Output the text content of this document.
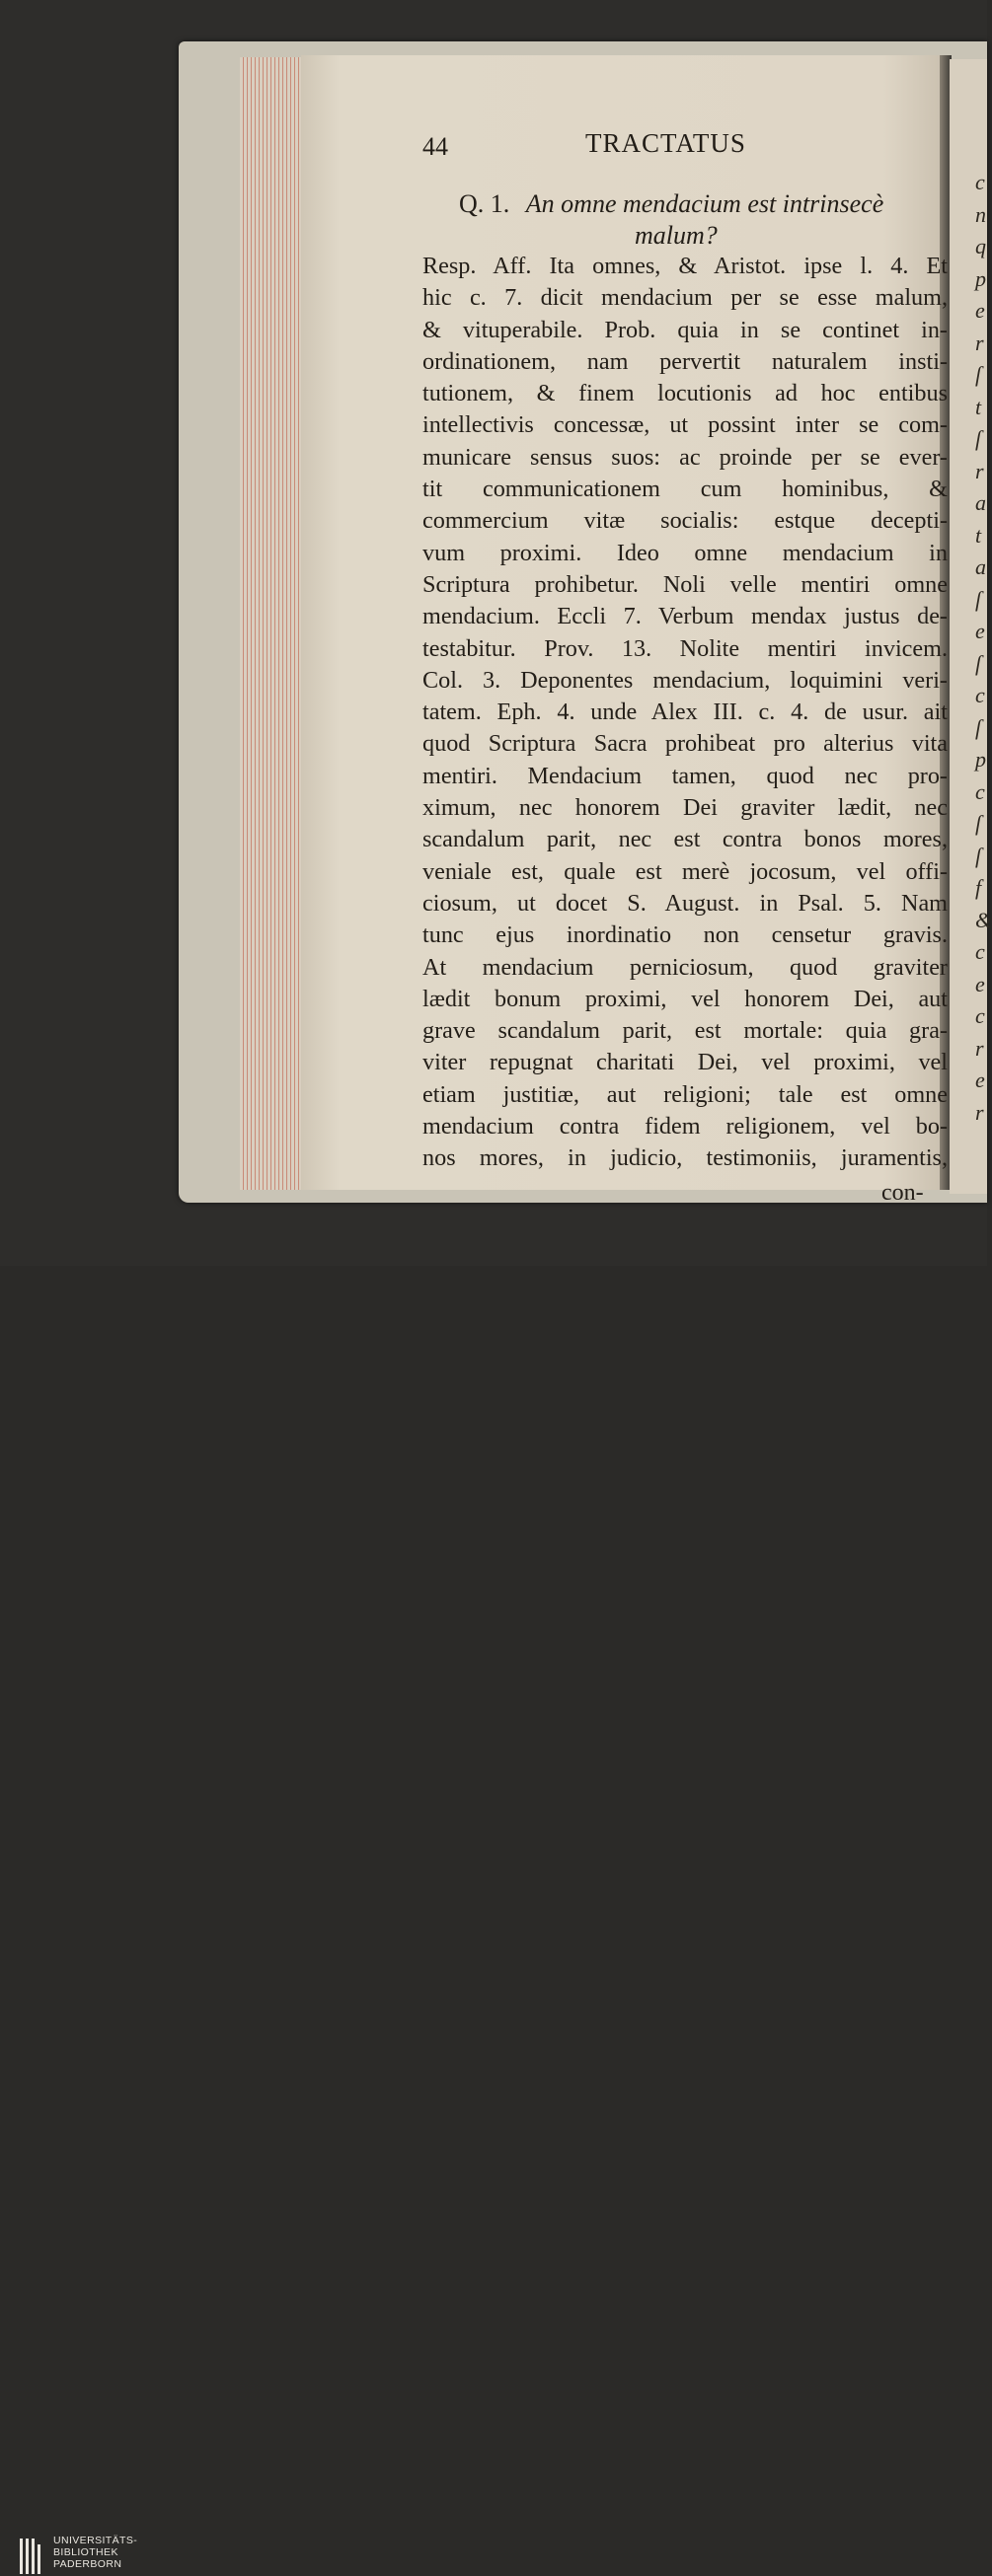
c
n
q
p
e
r
ſ
t
ſ
r
a
t
a
ſ
e
ſ
c
ſ
p
c
ſ
ſ
f
&
c
e
c
r
e
r
44	TRACTATUS
Q. 1. An omne mendacium est intrinsecè
malum?
Resp. Aff. Ita omnes, & Aristot. ipse l. 4. Et
hic c. 7. dicit mendacium per se esse malum,
& vituperabile. Prob. quia in se continet in-
ordinationem, nam pervertit naturalem insti-
tutionem, & finem locutionis ad hoc entibus
intellectivis concessæ, ut possint inter se com-
municare sensus suos: ac proinde per se ever-
tit communicationem cum hominibus, &
commercium vitæ socialis: estque decepti-
vum proximi. Ideo omne mendacium in
Scriptura prohibetur. Noli velle mentiri omne
mendacium. Eccli 7. Verbum mendax justus de-
testabitur. Prov. 13. Nolite mentiri invicem.
Col. 3. Deponentes mendacium, loquimini veri-
tatem. Eph. 4. unde Alex III. c. 4. de usur. ait
quod Scriptura Sacra prohibeat pro alterius vita
mentiri. Mendacium tamen, quod nec pro-
ximum, nec honorem Dei graviter lædit, nec
scandalum parit, nec est contra bonos mores,
veniale est, quale est merè jocosum, vel offi-
ciosum, ut docet S. August. in Psal. 5. Nam
tunc ejus inordinatio non censetur gravis.
At mendacium perniciosum, quod graviter
lædit bonum proximi, vel honorem Dei, aut
grave scandalum parit, est mortale: quia gra-
viter repugnat charitati Dei, vel proximi, vel
etiam justitiæ, aut religioni; tale est omne
mendacium contra fidem religionem, vel bo-
nos mores, in judicio, testimoniis, juramentis,
con-
UNIVERSITÄTS-
BIBLIOTHEK
PADERBORN
